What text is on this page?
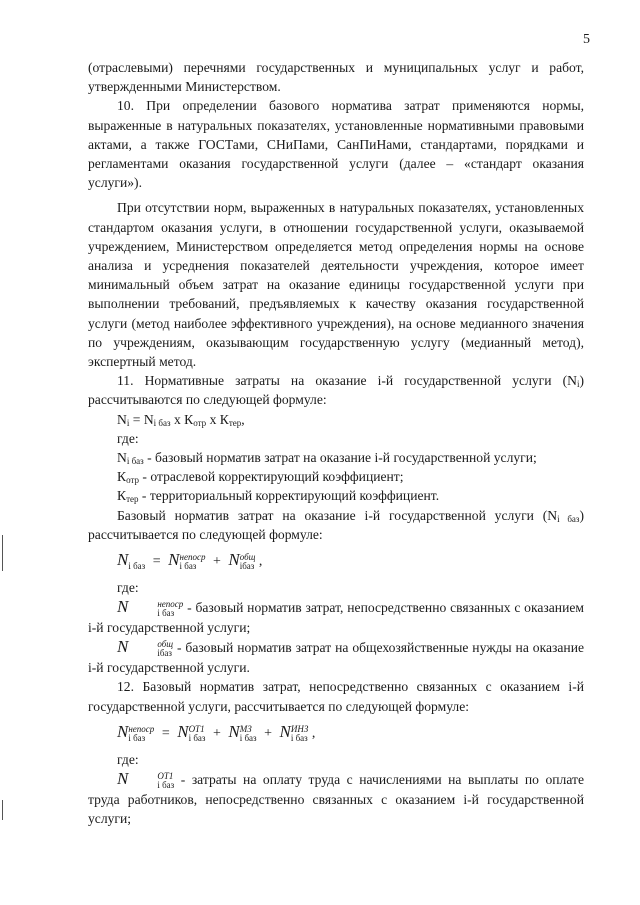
5

(отраслевыми) перечнями государственных и муниципальных услуг и работ, утвержденными Министерством.

10. При определении базового норматива затрат применяются нормы, выраженные в натуральных показателях, установленные нормативными правовыми актами, а также ГОСТами, СНиПами, СанПиНами, стандартами, порядками и регламентами оказания государственной услуги (далее – «стандарт оказания услуги»).

При отсутствии норм, выраженных в натуральных показателях, установленных стандартом оказания услуги, в отношении государственной услуги, оказываемой учреждением, Министерством определяется метод определения нормы на основе анализа и усреднения показателей деятельности учреждения, которое имеет минимальный объем затрат на оказание единицы государственной услуги при выполнении требований, предъявляемых к качеству оказания государственной услуги (метод наиболее эффективного учреждения), на основе медианного значения по учреждениям, оказывающим государственную услугу (медианный метод), экспертный метод.

11. Нормативные затраты на оказание i-й государственной услуги $(N_i)$ рассчитываются по следующей формуле:

$N_i = N_{i баз}$ x $К_{отр}$ x $К_{тер}$,

где:

$N_{i баз}$ - базовый норматив затрат на оказание i-й государственной услуги;

$К_{отр}$ - отраслевой корректирующий коэффициент;

$К_{тер}$ - территориальный корректирующий коэффициент.

Базовый норматив затрат на оказание i-й государственной услуги $(N_{i баз})$ рассчитывается по следующей формуле:

N
i баз = N непоср
i баз	+ N общ
iбаз ,

где:

N	непоср
i баз - базовый норматив затрат, непосредственно связанных с оказанием i-й государственной услуги;

N	общ
iбаз - базовый норматив затрат на общехозяйственные нужды на оказание i-й государственной услуги.

12. Базовый норматив затрат, непосредственно связанных с оказанием i-й государственной услуги, рассчитывается по следующей формуле:

N непоср
i баз	= N ОТ1
i баз + N МЗ
i баз + N ИНЗ
i баз ,

где:

N	ОТ1
i баз - затраты на оплату труда с начислениями на выплаты по оплате труда работников, непосредственно связанных с оказанием i-й государственной услуги;
